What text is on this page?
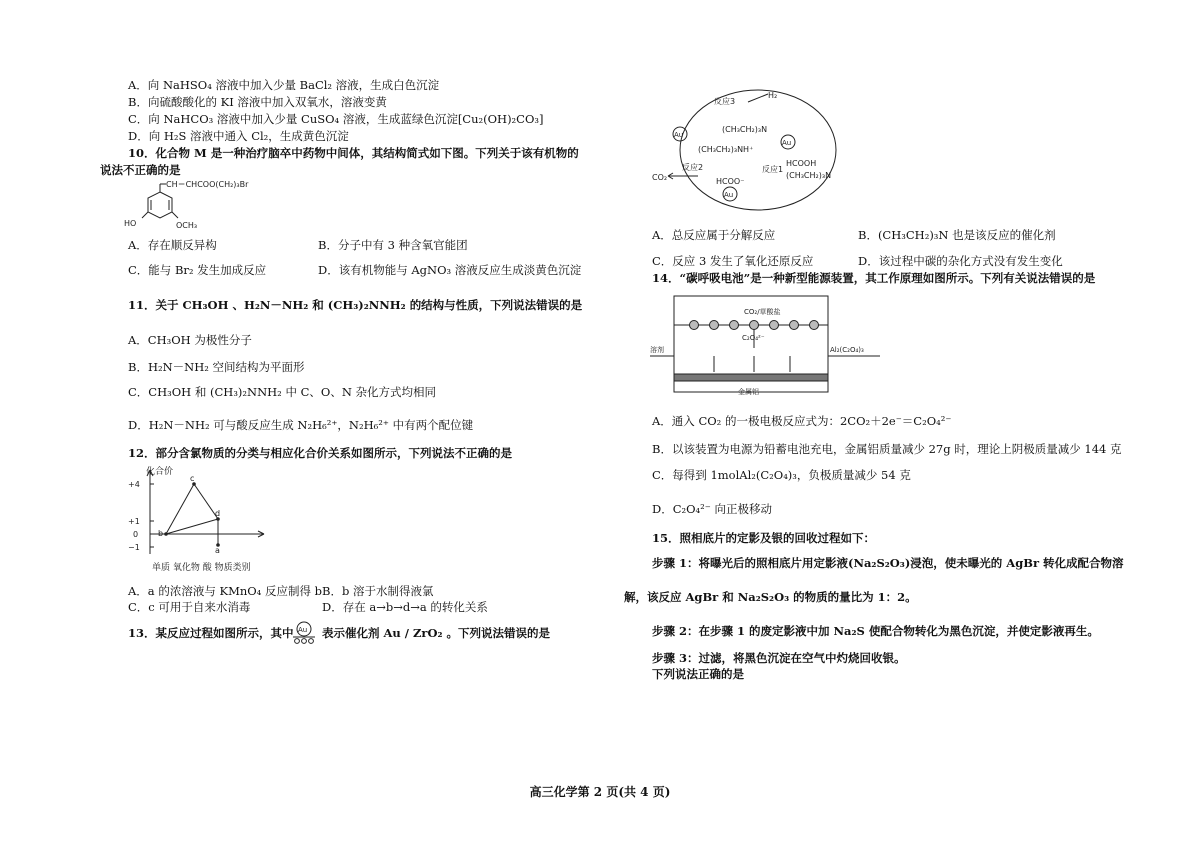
A．向 NaHSO₄ 溶液中加入少量 BaCl₂ 溶液，生成白色沉淀
B．向硫酸酸化的 KI 溶液中加入双氧水，溶液变黄
C．向 NaHCO₃ 溶液中加入少量 CuSO₄ 溶液，生成蓝绿色沉淀[Cu₂(OH)₂CO₃]
D．向 H₂S 溶液中通入 Cl₂，生成黄色沉淀
10．化合物 M 是一种治疗脑卒中药物中间体，其结构简式如下图。下列关于该有机物的
说法不正确的是
CH＝CHCOO(CH₂)₃Br
HO	OCH₃
A．存在顺反异构	B．分子中有 3 种含氧官能团
C．能与 Br₂ 发生加成反应	D．该有机物能与 AgNO₃ 溶液反应生成淡黄色沉淀
11．关于 CH₃OH 、H₂N－NH₂ 和 (CH₃)₂NNH₂ 的结构与性质，下列说法错误的是
A．CH₃OH 为极性分子
B．H₂N－NH₂ 空间结构为平面形
C．CH₃OH 和 (CH₃)₂NNH₂ 中 C、O、N 杂化方式均相同
D．H₂N－NH₂ 可与酸反应生成 N₂H₆²⁺，N₂H₆²⁺ 中有两个配位键
12．部分含氯物质的分类与相应化合价关系如图所示，下列说法不正确的是
化合价
+4
+1
0
−1
c
d
b
a
单质 氧化物 酸 物质类别
A．a 的浓溶液与 KMnO₄ 反应制得 b B．b 溶于水制得液氯
C．c 可用于自来水消毒	D．存在 a→b→d→a 的转化关系
13．某反应过程如图所示，其中 Au 表示催化剂 Au / ZrO₂ 。下列说法错误的是
Au
Au
Au
反应3
H₂
(CH₃CH₂)₃N
(CH₃CH₂)₃NH⁺
HCOOH
(CH₃CH₂)₃N
反应1
反应2
HCOO⁻
CO₂
A．总反应属于分解反应	B．(CH₃CH₂)₃N 也是该反应的催化剂
C．反应 3 发生了氧化还原反应	D．该过程中碳的杂化方式没有发生变化
14．“碳呼吸电池”是一种新型能源装置，其工作原理如图所示。下列有关说法错误的是
CO₂/草酸盐
C₂O₄²⁻
溶剂	Al₂(C₂O₄)₃
金属铝
A．通入 CO₂ 的一极电极反应式为：2CO₂＋2e⁻＝C₂O₄²⁻
B．以该装置为电源为铅蓄电池充电，金属铝质量减少 27g 时，理论上阴极质量减少 144 克
C．每得到 1molAl₂(C₂O₄)₃，负极质量减少 54 克
D．C₂O₄²⁻ 向正极移动
15．照相底片的定影及银的回收过程如下：
步骤 1：将曝光后的照相底片用定影液(Na₂S₂O₃)浸泡，使未曝光的 AgBr 转化成配合物溶
解，该反应 AgBr 和 Na₂S₂O₃ 的物质的量比为 1：2。
步骤 2：在步骤 1 的废定影液中加 Na₂S 使配合物转化为黑色沉淀，并使定影液再生。
步骤 3：过滤，将黑色沉淀在空气中灼烧回收银。
下列说法正确的是
高三化学第 2 页(共 4 页)
